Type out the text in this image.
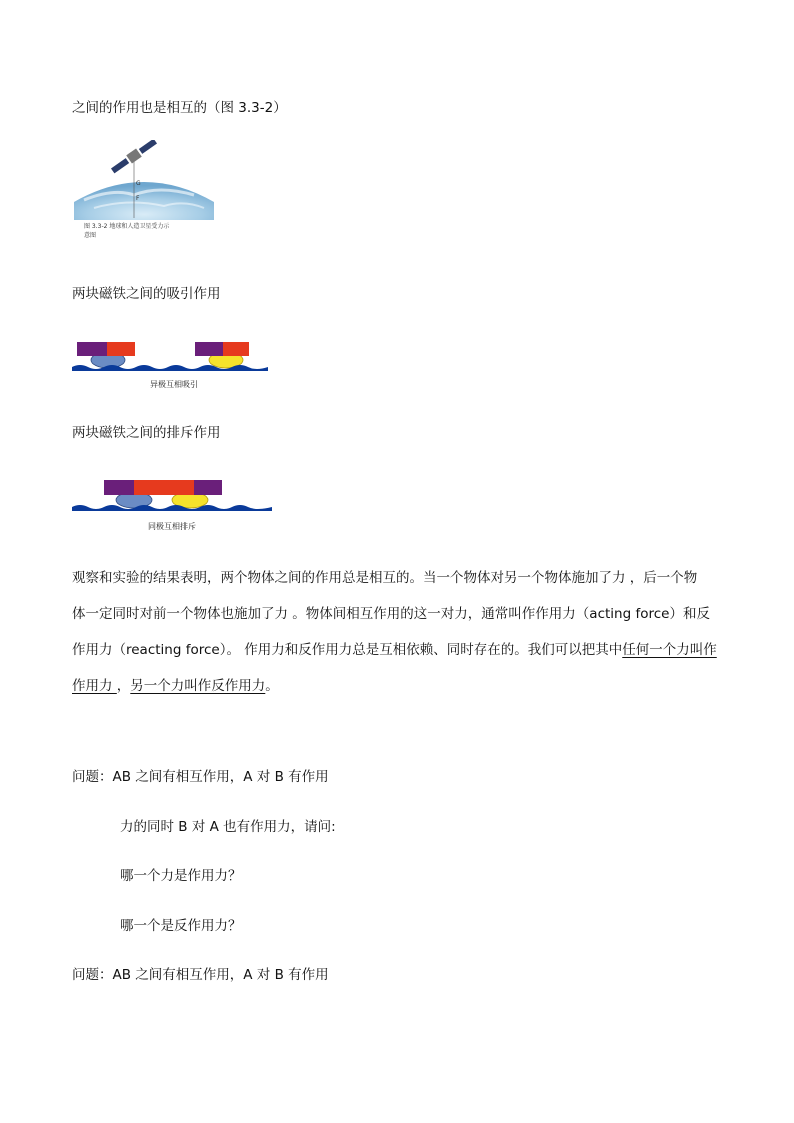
之间的作用也是相互的（图 3.3-2）
G
F
图 3.3-2 地球和人造卫星受力示
意图
两块磁铁之间的吸引作用
异极互相吸引
两块磁铁之间的排斥作用
同极互相排斥
观察和实验的结果表明，两个物体之间的作用总是相互的。当一个物体对另一个物体施加了力 ，后一个物
体一定同时对前一个物体也施加了力 。物体间相互作用的这一对力，通常叫作作用力（acting force）和反
作用力（reacting force）。 作用力和反作用力总是互相依赖、同时存在的。我们可以把其中任何一个力叫作
作用力 ，另一个力叫作反作用力。
问题：AB 之间有相互作用，A 对 B 有作用
力的同时 B 对 A 也有作用力，请问:
哪一个力是作用力？
哪一个是反作用力？
问题：AB 之间有相互作用，A 对 B 有作用
